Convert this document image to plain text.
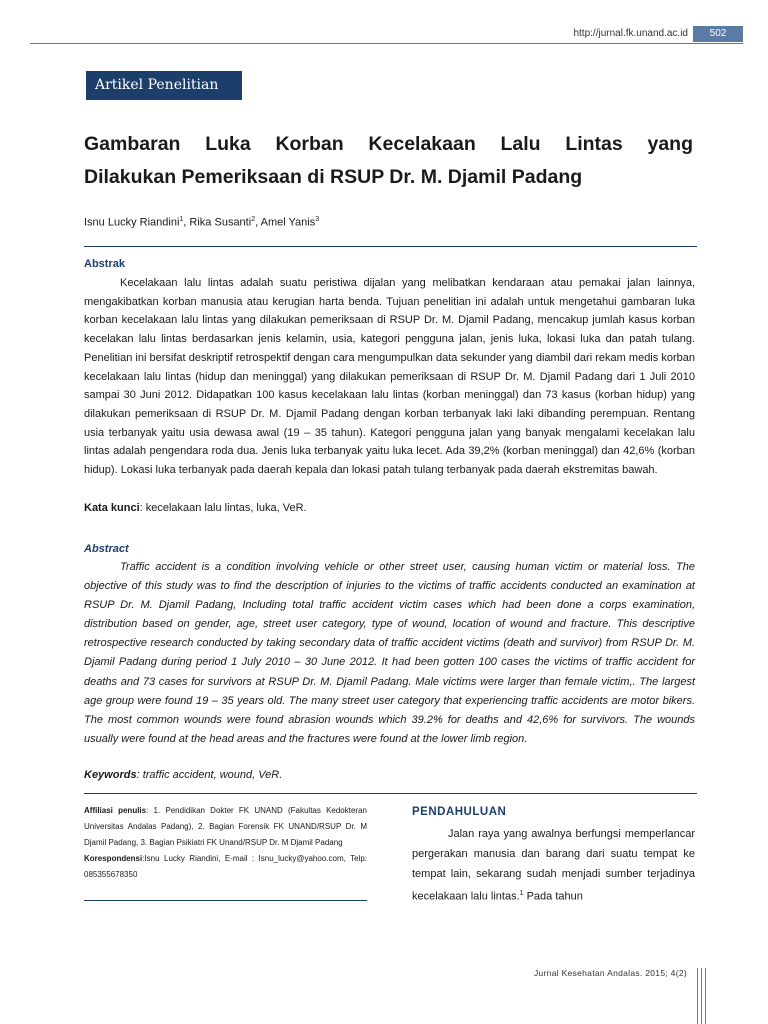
http://jurnal.fk.unand.ac.id	502
Artikel Penelitian
Gambaran Luka Korban Kecelakaan Lalu Lintas yang
Dilakukan Pemeriksaan di RSUP Dr. M. Djamil Padang
Isnu Lucky Riandini$^1$, Rika Susanti$^2$, Amel Yanis$^3$
Abstrak

Kecelakaan lalu lintas adalah suatu peristiwa dijalan yang melibatkan kendaraan atau pemakai jalan lainnya, mengakibatkan korban manusia atau kerugian harta benda. Tujuan penelitian ini adalah untuk mengetahui gambaran luka korban kecelakaan lalu lintas yang dilakukan pemeriksaan di RSUP Dr. M. Djamil Padang, mencakup jumlah kasus korban kecelakan lalu lintas berdasarkan jenis kelamin, usia, kategori pengguna jalan, jenis luka, lokasi luka dan patah tulang. Penelitian ini bersifat deskriptif retrospektif dengan cara mengumpulkan data sekunder yang diambil dari rekam medis korban kecelakaan lalu lintas (hidup dan meninggal) yang dilakukan pemeriksaan di RSUP Dr. M. Djamil Padang dari 1 Juli 2010 sampai 30 Juni 2012. Didapatkan 100 kasus kecelakaan lalu lintas (korban meninggal) dan 73 kasus (korban hidup) yang dilakukan pemeriksaan di RSUP Dr. M. Djamil Padang dengan korban terbanyak laki laki dibanding perempuan. Rentang usia terbanyak yaitu usia dewasa awal (19 – 35 tahun). Kategori pengguna jalan yang banyak mengalami kecelakan lalu lintas adalah pengendara roda dua. Jenis luka terbanyak yaitu luka lecet. Ada 39,2% (korban meninggal) dan 42,6% (korban hidup). Lokasi luka terbanyak pada daerah kepala dan lokasi patah tulang terbanyak pada daerah ekstremitas bawah.

Kata kunci: kecelakaan lalu lintas, luka, VeR.
Abstract

Traffic accident is a condition involving vehicle or other street user, causing human victim or material loss. The objective of this study was to find the description of injuries to the victims of traffic accidents conducted an examination at RSUP Dr. M. Djamil Padang, Including total traffic accident victim cases which had been done a corps examination, distribution based on gender, age, street user category, type of wound, location of wound and fracture. This descriptive retrospective research conducted by taking secondary data of traffic accident victims (death and survivor) from RSUP Dr. M. Djamil Padang during period 1 July 2010 – 30 June 2012. It had been gotten 100 cases the victims of traffic accident for deaths and 73 cases for survivors at RSUP Dr. M. Djamil Padang. Male victims were larger than female victim,. The largest age group were found 19 – 35 years old. The many street user category that experiencing traffic accidents are motor bikers. The most common wounds were found abrasion wounds which 39.2% for deaths and 42,6% for survivors. The wounds usually were found at the head areas and the fractures were found at the lower limb region.

Keywords: traffic accident, wound, VeR.
Affiliasi penulis: 1. Pendidikan Dokter FK UNAND (Fakultas Kedokteran Universitas Andalas Padang), 2. Bagian Forensik FK UNAND/RSUP Dr. M Djamil Padang, 3. Bagian Psikiatri FK Unand/RSUP Dr. M Djamil Padang
Korespondensi:Isnu Lucky Riandini, E-mail : Isnu_lucky@yahoo.com, Telp: 085355678350
PENDAHULUAN

Jalan raya yang awalnya berfungsi memperlancar pergerakan manusia dan barang dari suatu tempat ke tempat lain, sekarang sudah menjadi sumber terjadinya kecelakaan lalu lintas.$^1$ Pada tahun

Jurnal Kesehatan Andalas. 2015; 4(2)
